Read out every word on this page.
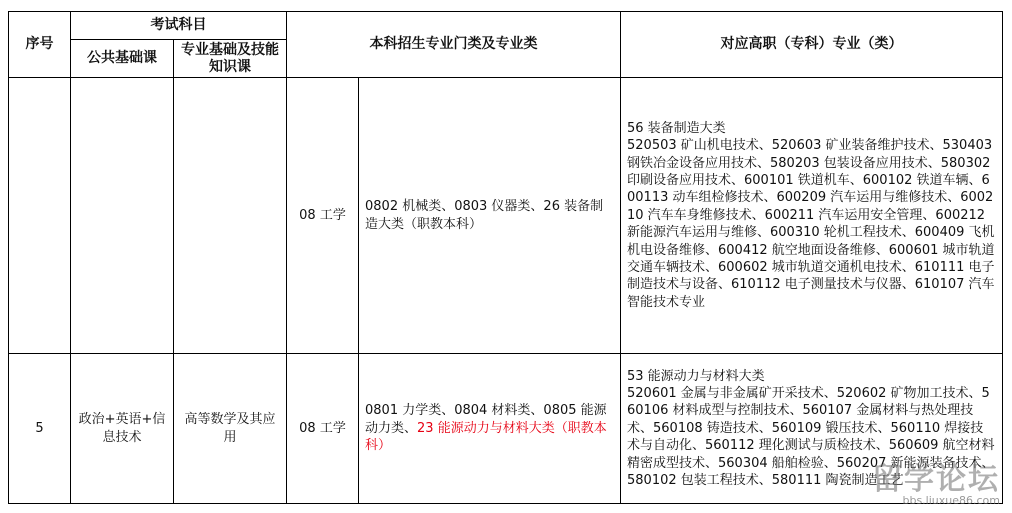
序号	考试科目		本科招生专业门类及专业类		对应高职（专科）专业（类）
	公共基础课	专业基础及技能知识课			
			08 工学	0802 机械类、0803 仪器类、26 装备制造大类（职教本科）	56 装备制造大类
520503 矿山机电技术、520603 矿业装备维护技术、530403 钢铁冶金设备应用技术、580203 包装设备应用技术、580302 印刷设备应用技术、600101 铁道机车、600102 铁道车辆、600113 动车组检修技术、600209 汽车运用与维修技术、600210 汽车车身维修技术、600211 汽车运用安全管理、600212 新能源汽车运用与维修、600310 轮机工程技术、600409 飞机机电设备维修、600412 航空地面设备维修、600601 城市轨道交通车辆技术、600602 城市轨道交通机电技术、610111 电子制造技术与设备、610112 电子测量技术与仪器、610107 汽车智能技术专业
5	政治+英语+信息技术	高等数学及其应用	08 工学	0801 力学类、0804 材料类、0805 能源动力类、23 能源动力与材料大类（职教本科）	53 能源动力与材料大类
520601 金属与非金属矿开采技术、520602 矿物加工技术、560106 材料成型与控制技术、560107 金属材料与热处理技术、560108 铸造技术、560109 锻压技术、560110 焊接技术与自动化、560112 理化测试与质检技术、560609 航空材料精密成型技术、560304 船舶检验、560207 新能源装备技术、580102 包装工程技术、580111 陶瓷制造工艺
留学论坛
bbs.liuxue86.com
